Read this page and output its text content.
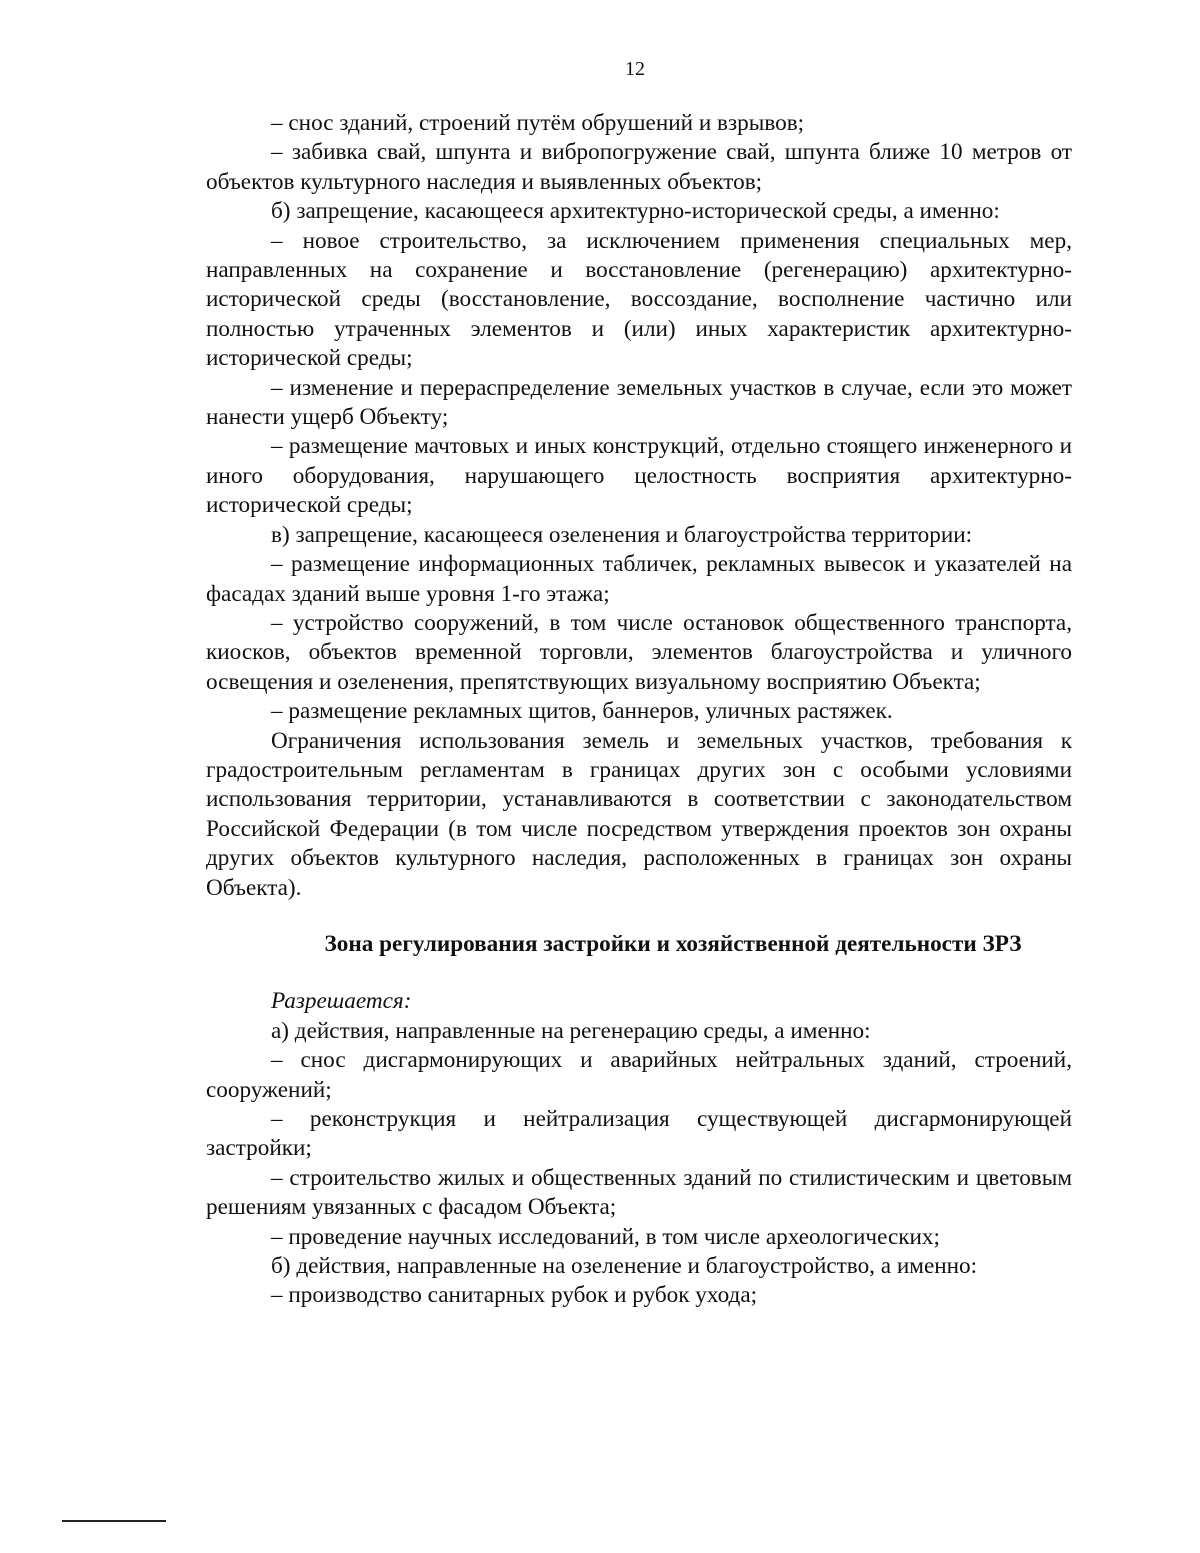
12

– снос зданий, строений путём обрушений и взрывов;

– забивка свай, шпунта и вибропогружение свай, шпунта ближе 10 метров от объектов культурного наследия и выявленных объектов;

б) запрещение, касающееся архитектурно-исторической среды, а именно:

– новое строительство, за исключением применения специальных мер, направленных на сохранение и восстановление (регенерацию) архитектурно-исторической среды (восстановление, воссоздание, восполнение частично или полностью утраченных элементов и (или) иных характеристик архитектурно-исторической среды;

– изменение и перераспределение земельных участков в случае, если это может нанести ущерб Объекту;

– размещение мачтовых и иных конструкций, отдельно стоящего инженерного и иного оборудования, нарушающего целостность восприятия архитектурно-исторической среды;

в) запрещение, касающееся озеленения и благоустройства территории:

– размещение информационных табличек, рекламных вывесок и указателей на фасадах зданий выше уровня 1-го этажа;

– устройство сооружений, в том числе остановок общественного транспорта, киосков, объектов временной торговли, элементов благоустройства и уличного освещения и озеленения, препятствующих визуальному восприятию Объекта;

– размещение рекламных щитов, баннеров, уличных растяжек.

Ограничения использования земель и земельных участков, требования к градостроительным регламентам в границах других зон с особыми условиями использования территории, устанавливаются в соответствии с законодательством Российской Федерации (в том числе посредством утверждения проектов зон охраны других объектов культурного наследия, расположенных в границах зон охраны Объекта).

Зона регулирования застройки и хозяйственной деятельности ЗРЗ

Разрешается:

а) действия, направленные на регенерацию среды, а именно:

– снос дисгармонирующих и аварийных нейтральных зданий, строений, сооружений;

– реконструкция и нейтрализация существующей дисгармонирующей застройки;

– строительство жилых и общественных зданий по стилистическим и цветовым решениям увязанных с фасадом Объекта;

– проведение научных исследований, в том числе археологических;

б) действия, направленные на озеленение и благоустройство, а именно:

– производство санитарных рубок и рубок ухода;
